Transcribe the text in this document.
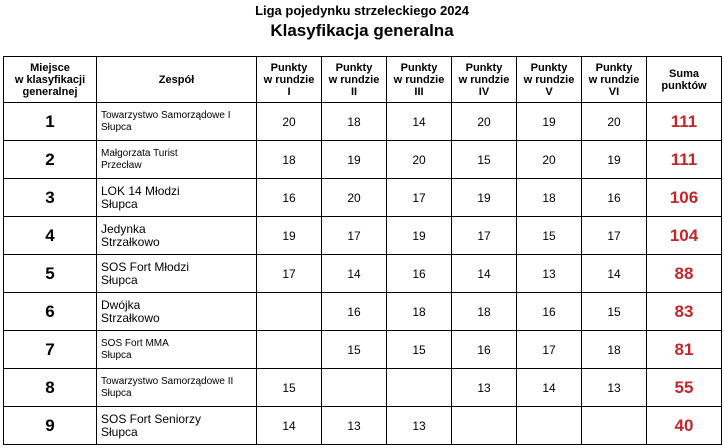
Liga pojedynku strzeleckiego 2024
Klasyfikacja generalna
Miejsce
w klasyfikacji
generalnej	Zespół	Punkty
w rundzie
I	Punkty
w rundzie
II	Punkty
w rundzie
III	Punkty
w rundzie
IV	Punkty
w rundzie
V	Punkty
w rundzie
VI	Suma
punktów

1	Towarzystwo Samorządowe I
Słupca	20	18	14	20	19	20	111
2	Małgorzata Turist
Przecław	18	19	20	15	20	19	111
3	LOK 14 Młodzi
Słupca	16	20	17	19	18	16	106
4	Jedynka
Strzałkowo	19	17	19	17	15	17	104
5	SOS Fort Młodzi
Słupca	17	14	16	14	13	14	88
6	Dwójka
Strzałkowo		16	18	18	16	15	83
7	SOS Fort MMA
Słupca		15	15	16	17	18	81
8	Towarzystwo Samorządowe II
Słupca	15			13	14	13	55
9	SOS Fort Seniorzy
Słupca	14	13	13				40
